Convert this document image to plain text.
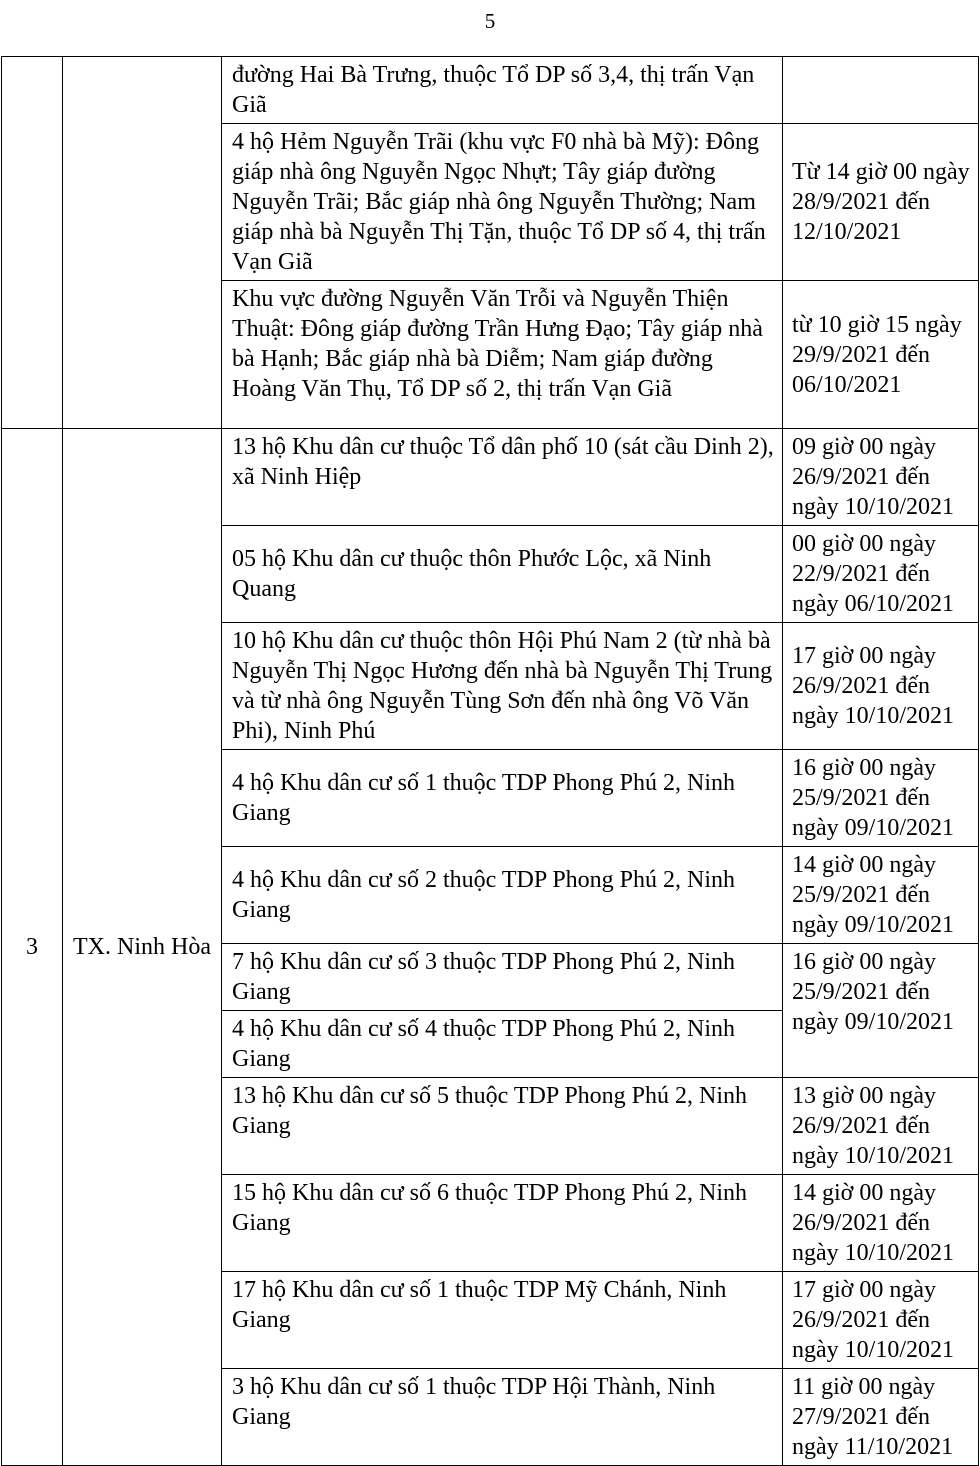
5
		đường Hai Bà Trưng, thuộc Tổ DP số 3,4, thị trấn Vạn Giã	
		4 hộ Hẻm Nguyễn Trãi (khu vực F0 nhà bà Mỹ): Đông giáp nhà ông Nguyễn Ngọc Nhựt; Tây giáp đường Nguyễn Trãi; Bắc giáp nhà ông Nguyễn Thường; Nam giáp nhà bà Nguyễn Thị Tặn, thuộc Tổ DP số 4, thị trấn Vạn Giã	Từ 14 giờ 00 ngày 28/9/2021 đến 12/10/2021
		Khu vực đường Nguyễn Văn Trỗi và Nguyễn Thiện Thuật: Đông giáp đường Trần Hưng Đạo; Tây giáp nhà bà Hạnh; Bắc giáp nhà bà Diễm; Nam giáp đường Hoàng Văn Thụ, Tổ DP số 2, thị trấn Vạn Giã	từ 10 giờ 15 ngày 29/9/2021 đến 06/10/2021
3	TX. Ninh Hòa	13 hộ Khu dân cư thuộc Tổ dân phố 10 (sát cầu Dinh 2), xã Ninh Hiệp	09 giờ 00 ngày 26/9/2021 đến ngày 10/10/2021
		05 hộ Khu dân cư thuộc thôn Phước Lộc, xã Ninh Quang	00 giờ 00 ngày 22/9/2021 đến ngày 06/10/2021
		10 hộ Khu dân cư thuộc thôn Hội Phú Nam 2 (từ nhà bà Nguyễn Thị Ngọc Hương đến nhà bà Nguyễn Thị Trung và từ nhà ông Nguyễn Tùng Sơn đến nhà ông Võ Văn Phi), Ninh Phú	17 giờ 00 ngày 26/9/2021 đến ngày 10/10/2021
		4 hộ Khu dân cư số 1 thuộc TDP Phong Phú 2, Ninh Giang	16 giờ 00 ngày 25/9/2021 đến ngày 09/10/2021
		4 hộ Khu dân cư số 2 thuộc TDP Phong Phú 2, Ninh Giang	14 giờ 00 ngày 25/9/2021 đến ngày 09/10/2021
		7 hộ Khu dân cư số 3 thuộc TDP Phong Phú 2, Ninh Giang	16 giờ 00 ngày 25/9/2021 đến ngày 09/10/2021
		4 hộ Khu dân cư số 4 thuộc TDP Phong Phú 2, Ninh Giang	
		13 hộ Khu dân cư số 5 thuộc TDP Phong Phú 2, Ninh Giang	13 giờ 00 ngày 26/9/2021 đến ngày 10/10/2021
		15 hộ Khu dân cư số 6 thuộc TDP Phong Phú 2, Ninh Giang	14 giờ 00 ngày 26/9/2021 đến ngày 10/10/2021
		17 hộ Khu dân cư số 1 thuộc TDP Mỹ Chánh, Ninh Giang	17 giờ 00 ngày 26/9/2021 đến ngày 10/10/2021
		3 hộ Khu dân cư số 1 thuộc TDP Hội Thành, Ninh Giang	11 giờ 00 ngày 27/9/2021 đến ngày 11/10/2021
